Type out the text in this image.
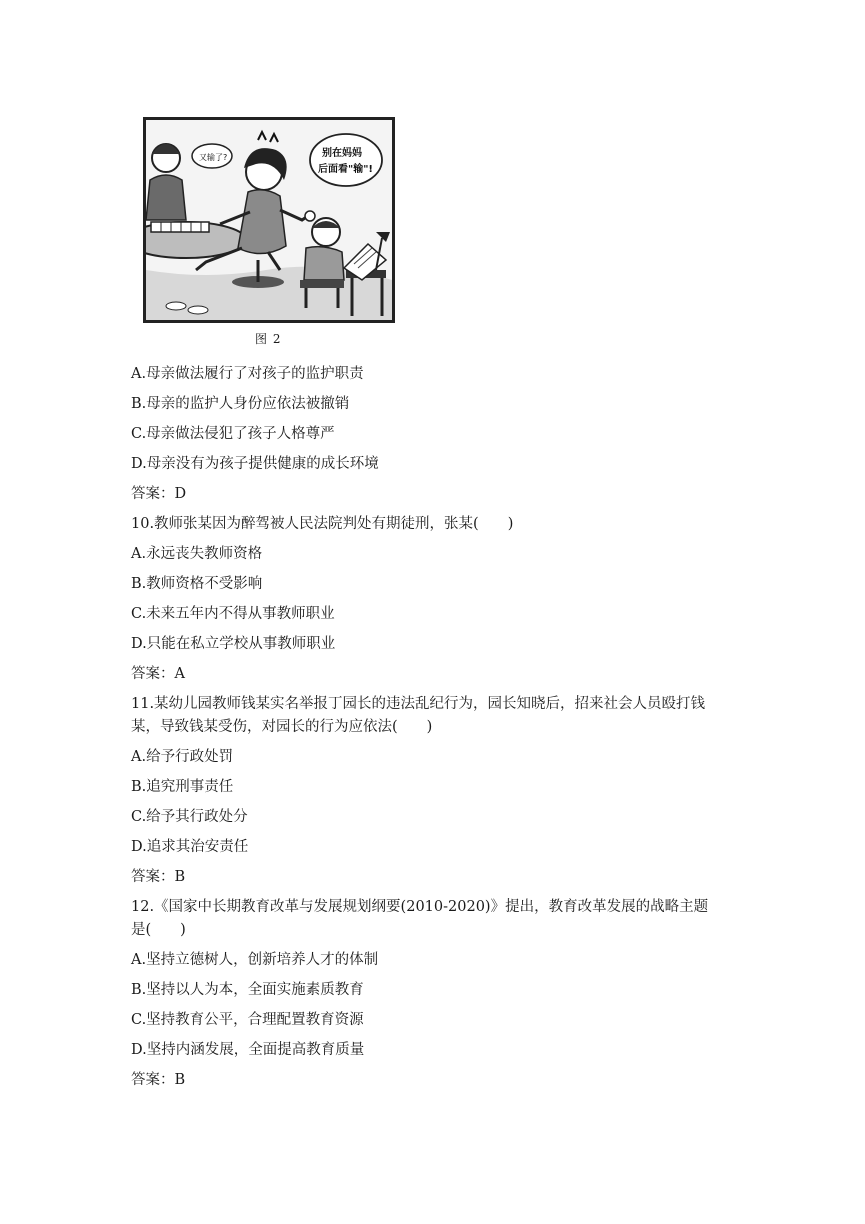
又输了?	别在妈妈
后面看"输"!
图 2
A.母亲做法履行了对孩子的监护职责
B.母亲的监护人身份应依法被撤销
C.母亲做法侵犯了孩子人格尊严
D.母亲没有为孩子提供健康的成长环境
答案：D
10.教师张某因为醉驾被人民法院判处有期徒刑，张某(　　)
A.永远丧失教师资格
B.教师资格不受影响
C.未来五年内不得从事教师职业
D.只能在私立学校从事教师职业
答案：A
11.某幼儿园教师钱某实名举报丁园长的违法乱纪行为，园长知晓后，招来社会人员殴打钱
某，导致钱某受伤，对园长的行为应依法(　　)
A.给予行政处罚
B.追究刑事责任
C.给予其行政处分
D.追求其治安责任
答案：B
12.《国家中长期教育改革与发展规划纲要(2010-2020)》提出，教育改革发展的战略主题
是(　　)
A.坚持立德树人，创新培养人才的体制
B.坚持以人为本，全面实施素质教育
C.坚持教育公平，合理配置教育资源
D.坚持内涵发展，全面提高教育质量
答案：B
